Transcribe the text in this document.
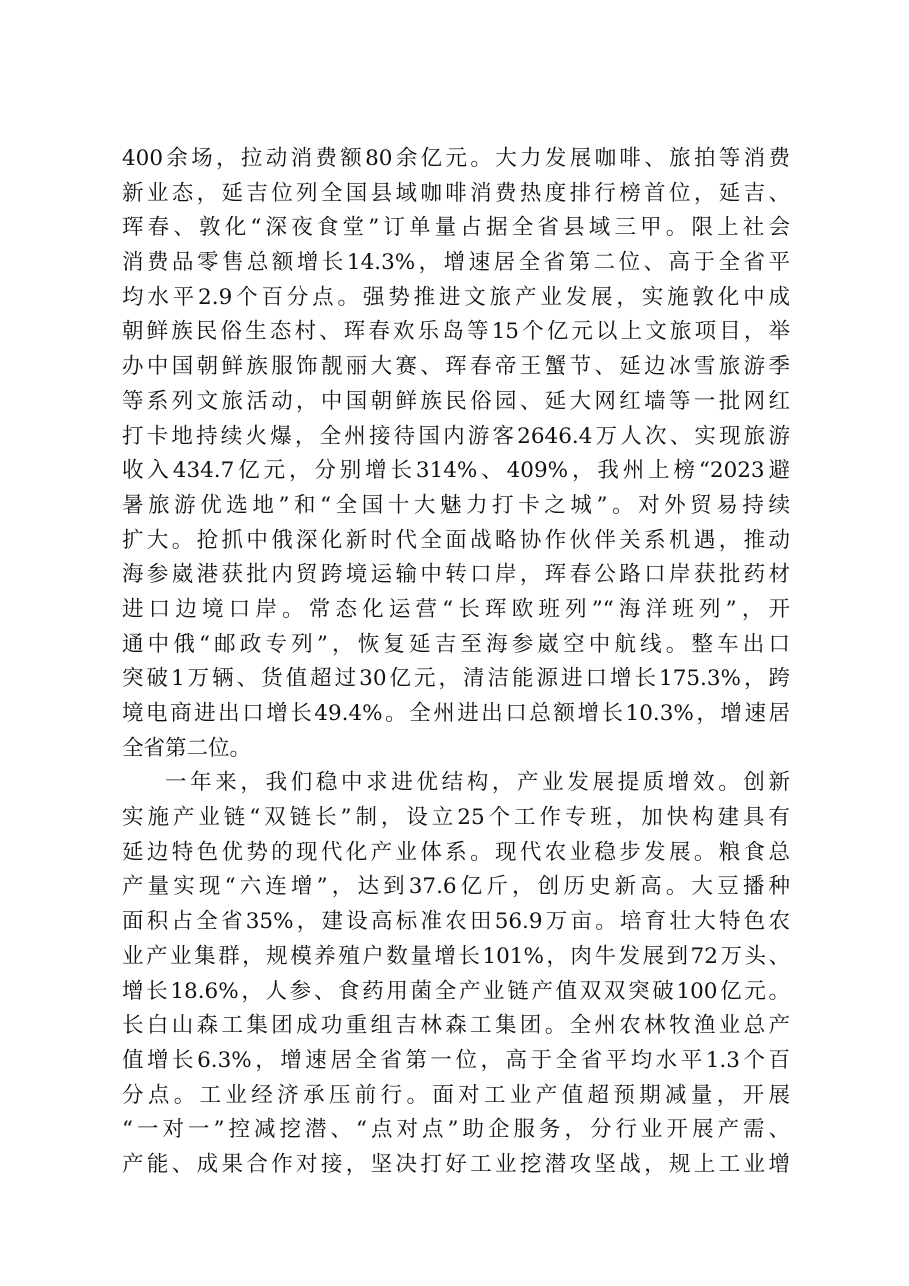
400余场，拉动消费额80余亿元。大力发展咖啡、旅拍等消费
新业态，延吉位列全国县域咖啡消费热度排行榜首位，延吉、
珲春、敦化“深夜食堂”订单量占据全省县域三甲。限上社会
消费品零售总额增长14.3%，增速居全省第二位、高于全省平
均水平2.9个百分点。强势推进文旅产业发展，实施敦化中成
朝鲜族民俗生态村、珲春欢乐岛等15个亿元以上文旅项目，举
办中国朝鲜族服饰靓丽大赛、珲春帝王蟹节、延边冰雪旅游季
等系列文旅活动，中国朝鲜族民俗园、延大网红墙等一批网红
打卡地持续火爆，全州接待国内游客2646.4万人次、实现旅游
收入434.7亿元，分别增长314%、409%，我州上榜“2023避
暑旅游优选地”和“全国十大魅力打卡之城”。对外贸易持续
扩大。抢抓中俄深化新时代全面战略协作伙伴关系机遇，推动
海参崴港获批内贸跨境运输中转口岸，珲春公路口岸获批药材
进口边境口岸。常态化运营“长珲欧班列”“海洋班列”，开
通中俄“邮政专列”，恢复延吉至海参崴空中航线。整车出口
突破1万辆、货值超过30亿元，清洁能源进口增长175.3%，跨
境电商进出口增长49.4%。全州进出口总额增长10.3%，增速居
全省第二位。
一年来，我们稳中求进优结构，产业发展提质增效。创新
实施产业链“双链长”制，设立25个工作专班，加快构建具有
延边特色优势的现代化产业体系。现代农业稳步发展。粮食总
产量实现“六连增”，达到37.6亿斤，创历史新高。大豆播种
面积占全省35%，建设高标准农田56.9万亩。培育壮大特色农
业产业集群，规模养殖户数量增长101%，肉牛发展到72万头、
增长18.6%，人参、食药用菌全产业链产值双双突破100亿元。
长白山森工集团成功重组吉林森工集团。全州农林牧渔业总产
值增长6.3%，增速居全省第一位，高于全省平均水平1.3个百
分点。工业经济承压前行。面对工业产值超预期减量，开展
“一对一”控减挖潜、“点对点”助企服务，分行业开展产需、
产能、成果合作对接，坚决打好工业挖潜攻坚战，规上工业增
